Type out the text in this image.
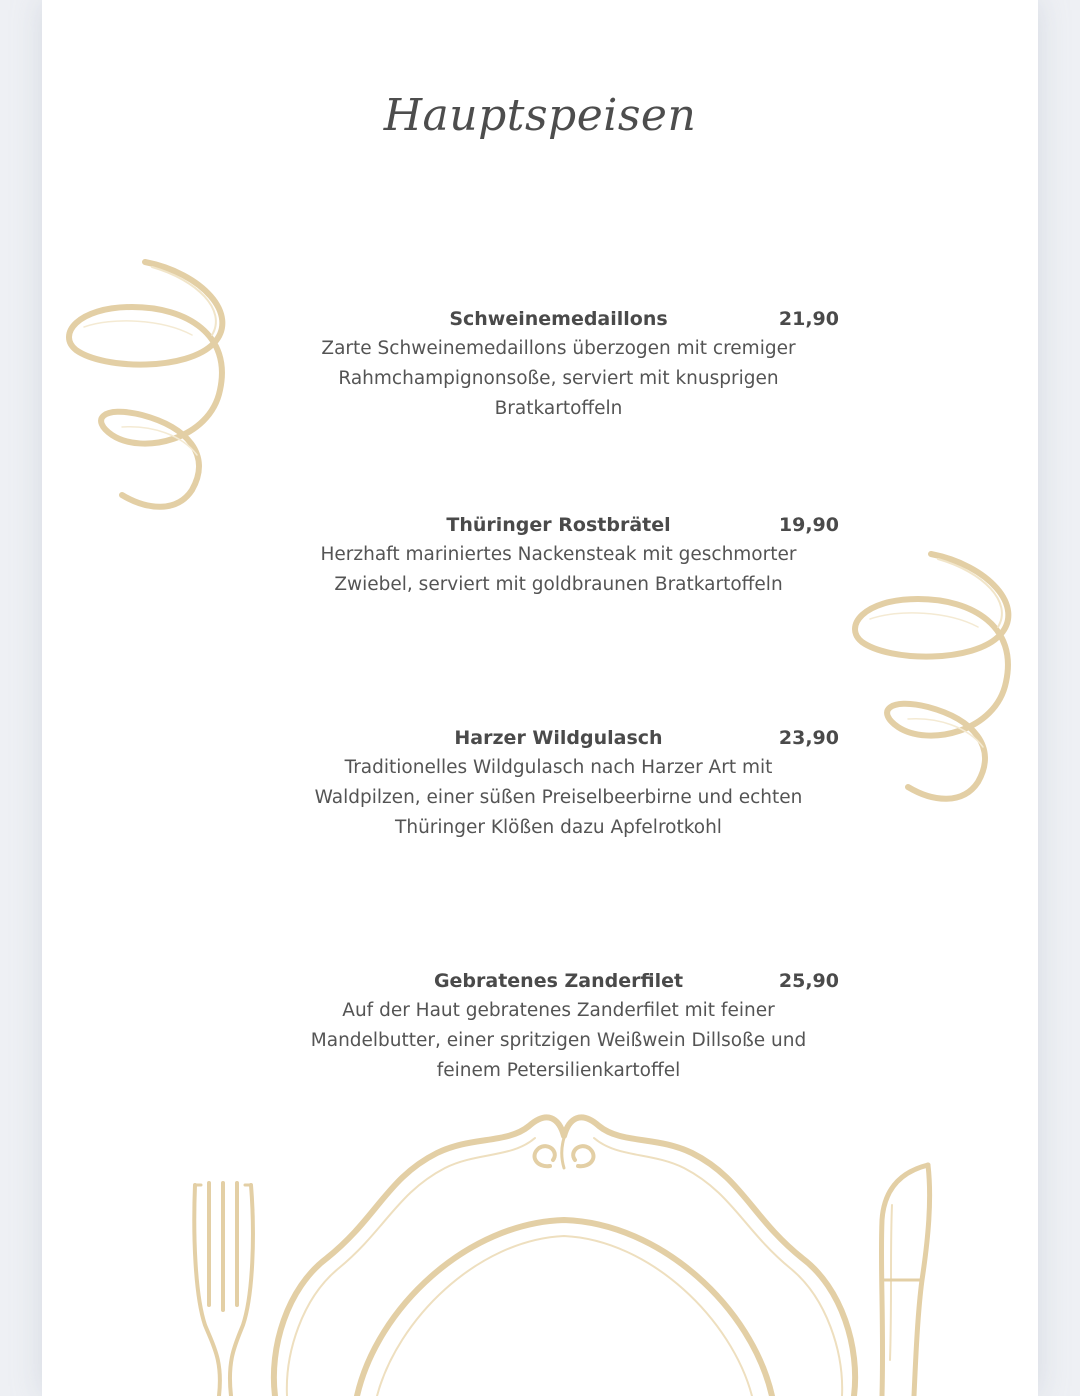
Hauptspeisen
Schweinemedaillons	21,90
Zarte Schweinemedaillons überzogen mit cremiger Rahmchampignonsoße, serviert mit knusprigen Bratkartoffeln
Thüringer Rostbrätel	19,90
Herzhaft mariniertes Nackensteak mit geschmorter Zwiebel, serviert mit goldbraunen Bratkartoffeln
Harzer Wildgulasch	23,90
Traditionelles Wildgulasch nach Harzer Art mit Waldpilzen, einer süßen Preiselbeerbirne und echten Thüringer Klößen dazu Apfelrotkohl
Gebratenes Zanderfilet	25,90
Auf der Haut gebratenes Zanderfilet mit feiner Mandelbutter, einer spritzigen Weißwein Dillsoße und feinem Petersilienkartoffel
